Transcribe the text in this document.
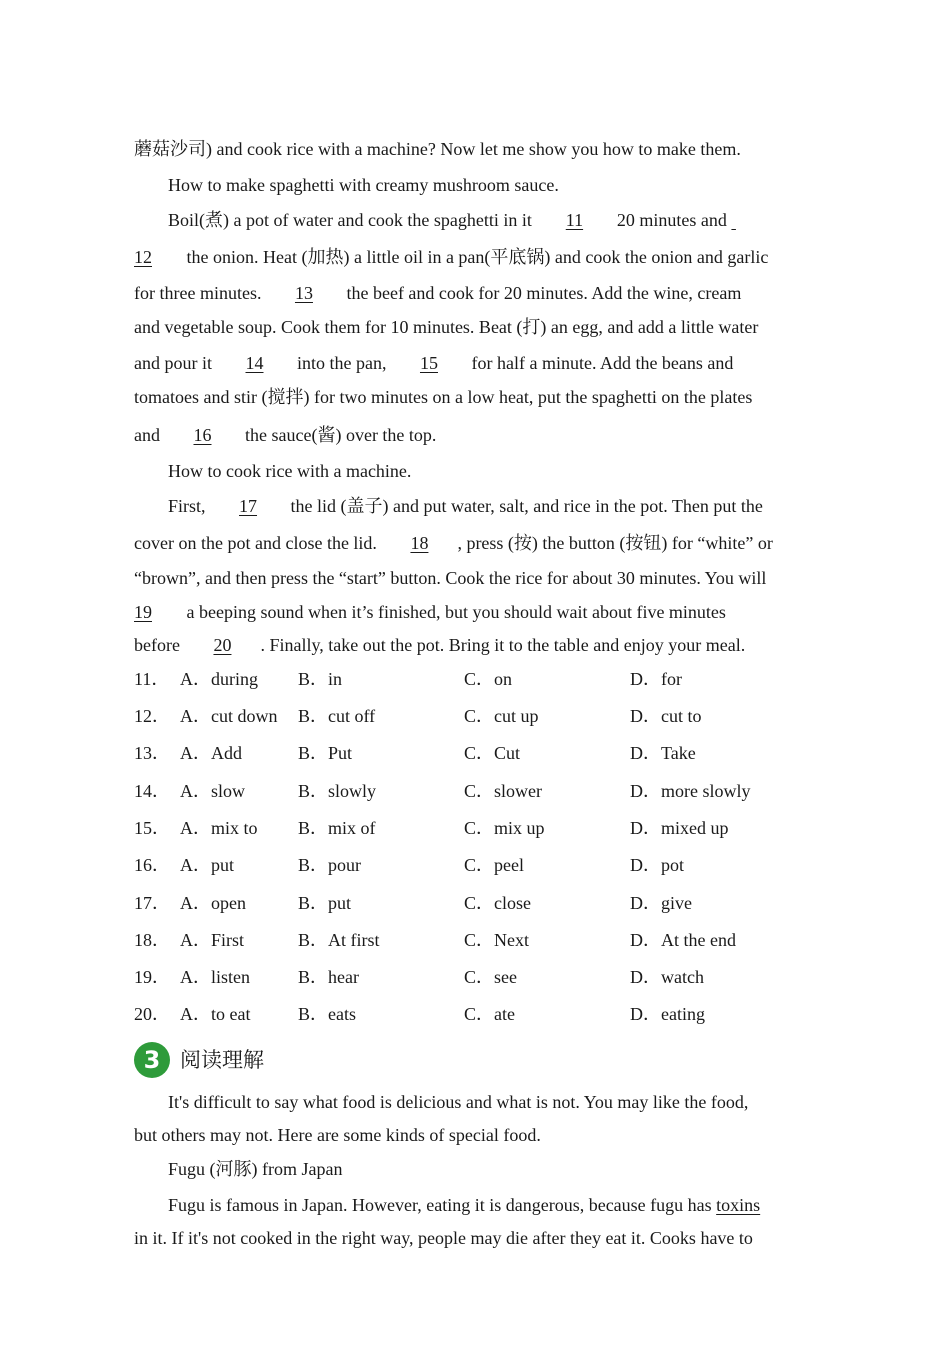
蘑菇沙司) and cook rice with a machine? Now let me show you how to make them.
How to make spaghetti with creamy mushroom sauce.
Boil(煮) a pot of water and cook the spaghetti in it 11 20 minutes and
12 the onion. Heat (加热) a little oil in a pan(平底锅) and cook the onion and garlic
for three minutes. 13 the beef and cook for 20 minutes. Add the wine, cream
and vegetable soup. Cook them for 10 minutes. Beat (打) an egg, and add a little water
and pour it 14 into the pan, 15 for half a minute. Add the beans and
tomatoes and stir (搅拌) for two minutes on a low heat, put the spaghetti on the plates
and 16 the sauce(酱) over the top.
How to cook rice with a machine.
First, 17 the lid (盖子) and put water, salt, and rice in the pot. Then put the
cover on the pot and close the lid. 18 , press (按) the button (按钮) for “white” or
“brown”, and then press the “start” button. Cook the rice for about 30 minutes. You will
19 a beeping sound when it’s finished, but you should wait about five minutes
before 20 . Finally, take out the pot. Bring it to the table and enjoy your meal.
11． A．during B．in	C．on	D．for
12． A．cut down B．cut off	C．cut up	D．cut to
13． A．Add	B．Put	C．Cut	D．Take
14． A．slow	B．slowly	C．slower	D．more slowly
15． A．mix to B．mix of	C．mix up	D．mixed up
16． A．put	B．pour	C．peel	D．pot
17． A．open	B．put	C．close	D．give
18． A．First	B．At first	C．Next	D．At the end
19． A．listen	B．hear	C．see	D．watch
20． A．to eat	B．eats	C．ate	D．eating
3 阅读理解
It's difficult to say what food is delicious and what is not. You may like the food,
but others may not. Here are some kinds of special food.
Fugu (河豚) from Japan
Fugu is famous in Japan. However, eating it is dangerous, because fugu has toxins
in it. If it's not cooked in the right way, people may die after they eat it. Cooks have to
